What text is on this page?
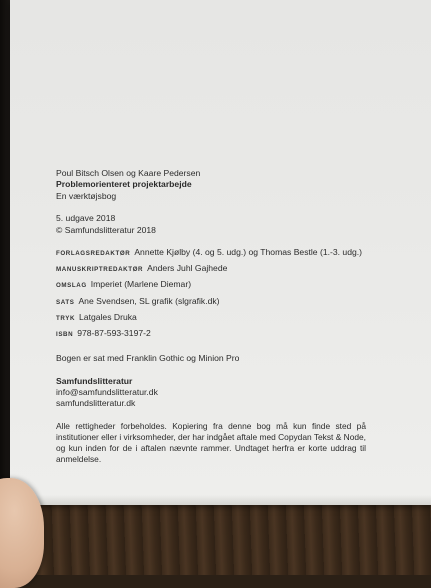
Poul Bitsch Olsen og Kaare Pedersen

Problemorienteret projektarbejde

En værktøjsbog

5. udgave 2018

© Samfundslitteratur 2018

FORLAGSREDAKTØR Annette Kjølby (4. og 5. udg.) og Thomas Bestle (1.-3. udg.)
MANUSKRIPTREDAKTØR Anders Juhl Gajhede
OMSLAG Imperiet (Marlene Diemar)
SATS Ane Svendsen, SL grafik (slgrafik.dk)
TRYK Latgales Druka
ISBN 978-87-593-3197-2

Bogen er sat med Franklin Gothic og Minion Pro

Samfundslitteratur

info@samfundslitteratur.dk

samfundslitteratur.dk

Alle rettigheder forbeholdes. Kopiering fra denne bog må kun finde sted på institutioner eller i virksomheder, der har indgået aftale med Copydan Tekst & Node, og kun inden for de i aftalen nævnte rammer. Undtaget herfra er korte uddrag til anmeldelse.
